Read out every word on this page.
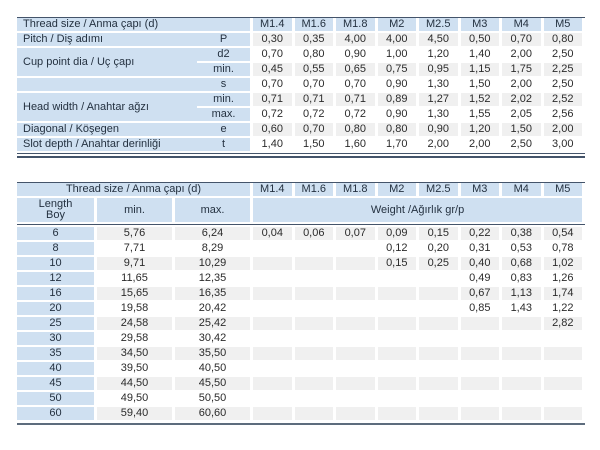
Thread size / Anma çapı (d)		M1.4	M1.6	M1.8	M2	M2.5	M3	M4	M5
Pitch / Diş adımı	P	0,30	0,35	4,00	4,00	4,50	0,50	0,70	0,80
Cup point dia / Uç çapı	d2	0,70	0,80	0,90	1,00	1,20	1,40	2,00	2,50
	min.	0,45	0,55	0,65	0,75	0,95	1,15	1,75	2,25
	s	0,70	0,70	0,70	0,90	1,30	1,50	2,00	2,50
Head width / Anahtar ağzı	min.	0,71	0,71	0,71	0,89	1,27	1,52	2,02	2,52
	max.	0,72	0,72	0,72	0,90	1,30	1,55	2,05	2,56
Diagonal / Köşegen	e	0,60	0,70	0,80	0,80	0,90	1,20	1,50	2,00
Slot depth / Anahtar derinliği	t	1,40	1,50	1,60	1,70	2,00	2,00	2,50	3,00
Thread size / Anma çapı (d)			M1.4	M1.6	M1.8	M2	M2.5	M3	M4	M5

Length
Boy	min.	max.	Weight /Ağırlık gr/p							

6	5,76	6,24	0,04	0,06	0,07	0,09	0,15	0,22	0,38	0,54
8	7,71	8,29				0,12	0,20	0,31	0,53	0,78
10	9,71	10,29				0,15	0,25	0,40	0,68	1,02
12	11,65	12,35						0,49	0,83	1,26
16	15,65	16,35						0,67	1,13	1,74
20	19,58	20,42						0,85	1,43	1,22
25	24,58	25,42								2,82
30	29,58	30,42								
35	34,50	35,50								
40	39,50	40,50								
45	44,50	45,50								
50	49,50	50,50								
60	59,40	60,60								
